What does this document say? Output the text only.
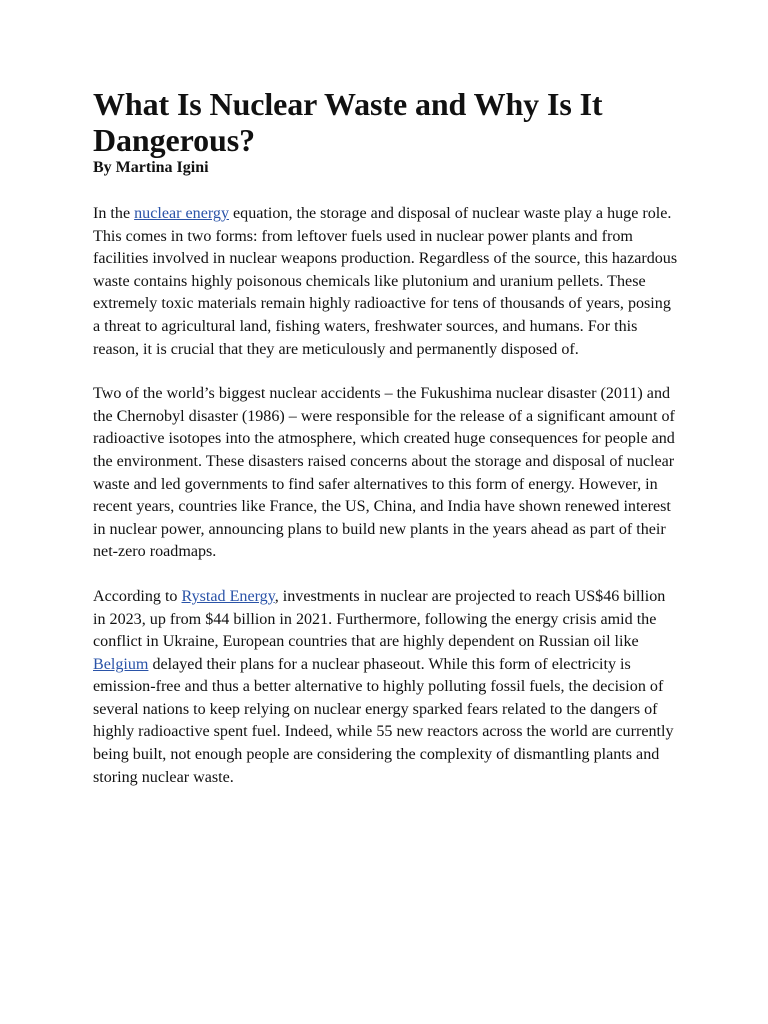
What Is Nuclear Waste and Why Is It Dangerous?

By Martina Igini

In the nuclear energy equation, the storage and disposal of nuclear waste play a huge role. This comes in two forms: from leftover fuels used in nuclear power plants and from facilities involved in nuclear weapons production. Regardless of the source, this hazardous waste contains highly poisonous chemicals like plutonium and uranium pellets. These extremely toxic materials remain highly radioactive for tens of thousands of years, posing a threat to agricultural land, fishing waters, freshwater sources, and humans. For this reason, it is crucial that they are meticulously and permanently disposed of.

Two of the world’s biggest nuclear accidents – the Fukushima nuclear disaster (2011) and the Chernobyl disaster (1986) – were responsible for the release of a significant amount of radioactive isotopes into the atmosphere, which created huge consequences for people and the environment. These disasters raised concerns about the storage and disposal of nuclear waste and led governments to find safer alternatives to this form of energy. However, in recent years, countries like France, the US, China, and India have shown renewed interest in nuclear power, announcing plans to build new plants in the years ahead as part of their net-zero roadmaps.

According to Rystad Energy, investments in nuclear are projected to reach US$46 billion in 2023, up from $44 billion in 2021. Furthermore, following the energy crisis amid the conflict in Ukraine, European countries that are highly dependent on Russian oil like Belgium delayed their plans for a nuclear phaseout. While this form of electricity is emission-free and thus a better alternative to highly polluting fossil fuels, the decision of several nations to keep relying on nuclear energy sparked fears related to the dangers of highly radioactive spent fuel. Indeed, while 55 new reactors across the world are currently being built, not enough people are considering the complexity of dismantling plants and storing nuclear waste.
